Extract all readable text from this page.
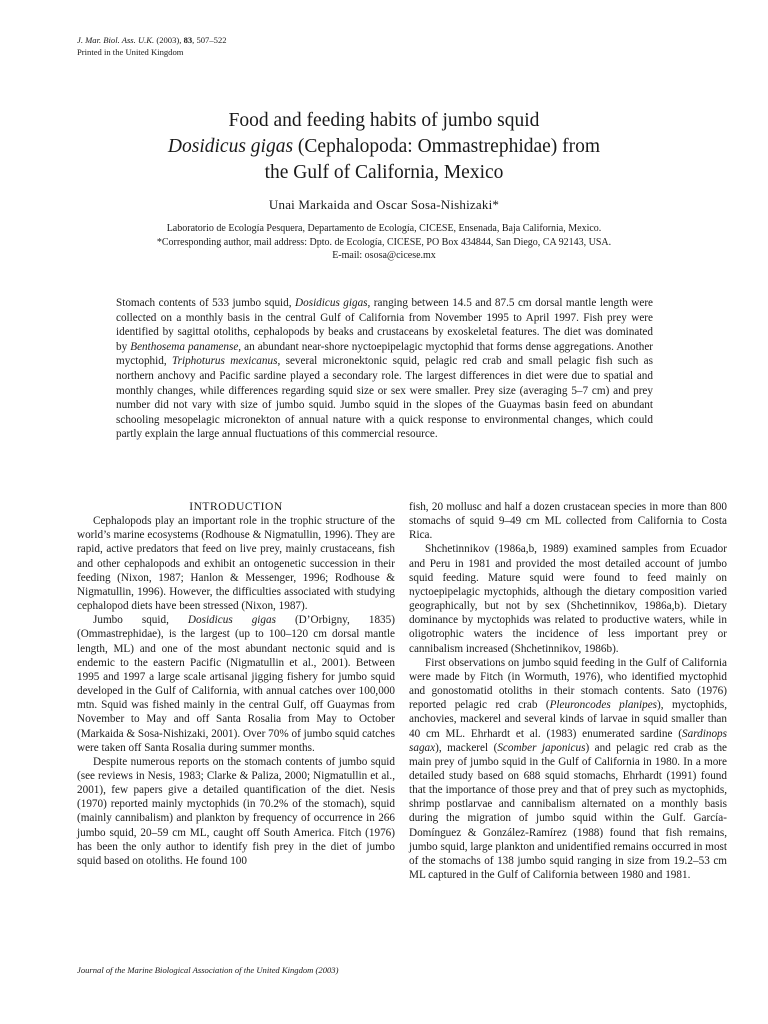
J. Mar. Biol. Ass. U.K. (2003), 83, 507–522
Printed in the United Kingdom
Food and feeding habits of jumbo squid
Dosidicus gigas (Cephalopoda: Ommastrephidae) from
the Gulf of California, Mexico
Unai Markaida and Oscar Sosa-Nishizaki*
Laboratorio de Ecología Pesquera, Departamento de Ecología, CICESE, Ensenada, Baja California, Mexico.
*Corresponding author, mail address: Dpto. de Ecología, CICESE, PO Box 434844, San Diego, CA 92143, USA.
E-mail: ososa@cicese.mx
Stomach contents of 533 jumbo squid, Dosidicus gigas, ranging between 14.5 and 87.5 cm dorsal mantle length were collected on a monthly basis in the central Gulf of California from November 1995 to April 1997. Fish prey were identified by sagittal otoliths, cephalopods by beaks and crustaceans by exoskeletal features. The diet was dominated by Benthosema panamense, an abundant near-shore nyctoepipelagic myctophid that forms dense aggregations. Another myctophid, Triphoturus mexicanus, several micronektonic squid, pelagic red crab and small pelagic fish such as northern anchovy and Pacific sardine played a secondary role. The largest differences in diet were due to spatial and monthly changes, while differences regarding squid size or sex were smaller. Prey size (averaging 5–7 cm) and prey number did not vary with size of jumbo squid. Jumbo squid in the slopes of the Guaymas basin feed on abundant schooling mesopelagic micronekton of annual nature with a quick response to environmental changes, which could partly explain the large annual fluctuations of this commercial resource.

INTRODUCTION

Cephalopods play an important role in the trophic structure of the world’s marine ecosystems (Rodhouse & Nigmatullin, 1996). They are rapid, active predators that feed on live prey, mainly crustaceans, fish and other cephalopods and exhibit an ontogenetic succession in their feeding (Nixon, 1987; Hanlon & Messenger, 1996; Rodhouse & Nigmatullin, 1996). However, the difficulties associated with studying cephalopod diets have been stressed (Nixon, 1987).

Jumbo squid, Dosidicus gigas (D’Orbigny, 1835) (Ommastrephidae), is the largest (up to 100–120 cm dorsal mantle length, ML) and one of the most abundant nectonic squid and is endemic to the eastern Pacific (Nigmatullin et al., 2001). Between 1995 and 1997 a large scale artisanal jigging fishery for jumbo squid developed in the Gulf of California, with annual catches over 100,000 mtn. Squid was fished mainly in the central Gulf, off Guaymas from November to May and off Santa Rosalia from May to October (Markaida & Sosa-Nishizaki, 2001). Over 70% of jumbo squid catches were taken off Santa Rosalia during summer months.

Despite numerous reports on the stomach contents of jumbo squid (see reviews in Nesis, 1983; Clarke & Paliza, 2000; Nigmatullin et al., 2001), few papers give a detailed quantification of the diet. Nesis (1970) reported mainly myctophids (in 70.2% of the stomach), squid (mainly cannibalism) and plankton by frequency of occurrence in 266 jumbo squid, 20–59 cm ML, caught off South America. Fitch (1976) has been the only author to identify fish prey in the diet of jumbo squid based on otoliths. He found 100

fish, 20 mollusc and half a dozen crustacean species in more than 800 stomachs of squid 9–49 cm ML collected from California to Costa Rica.

Shchetinnikov (1986a,b, 1989) examined samples from Ecuador and Peru in 1981 and provided the most detailed account of jumbo squid feeding. Mature squid were found to feed mainly on nyctoepipelagic myctophids, although the dietary composition varied geographically, but not by sex (Shchetinnikov, 1986a,b). Dietary dominance by myctophids was related to productive waters, while in oligotrophic waters the incidence of less important prey or cannibalism increased (Shchetinnikov, 1986b).

First observations on jumbo squid feeding in the Gulf of California were made by Fitch (in Wormuth, 1976), who identified myctophid and gonostomatid otoliths in their stomach contents. Sato (1976) reported pelagic red crab (Pleuroncodes planipes), myctophids, anchovies, mackerel and several kinds of larvae in squid smaller than 40 cm ML. Ehrhardt et al. (1983) enumerated sardine (Sardinops sagax), mackerel (Scomber japonicus) and pelagic red crab as the main prey of jumbo squid in the Gulf of California in 1980. In a more detailed study based on 688 squid stomachs, Ehrhardt (1991) found that the importance of those prey and that of prey such as myctophids, shrimp postlarvae and cannibalism alternated on a monthly basis during the migration of jumbo squid within the Gulf. García-Domínguez & González-Ramírez (1988) found that fish remains, jumbo squid, large plankton and unidentified remains occurred in most of the stomachs of 138 jumbo squid ranging in size from 19.2–53 cm ML captured in the Gulf of California between 1980 and 1981.

Journal of the Marine Biological Association of the United Kingdom (2003)
